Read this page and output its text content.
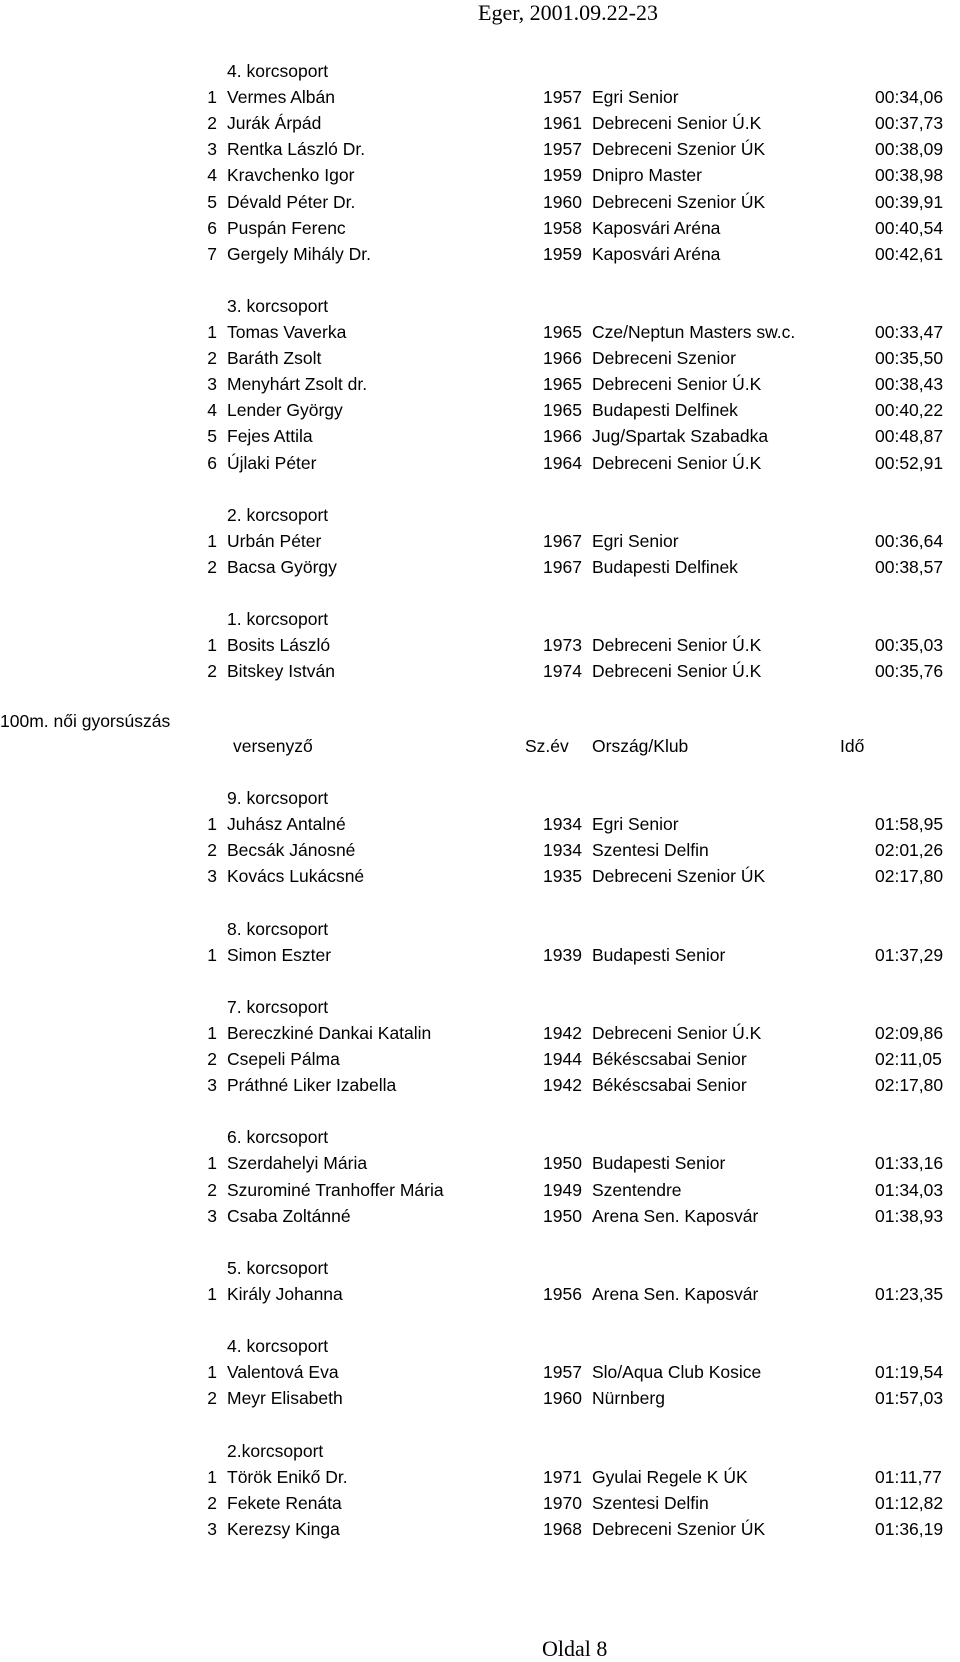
Eger, 2001.09.22-23
100m. női gyorsúszás
4. korcsoport
1 Vermes Albán	1957 Egri Senior	00:34,06
2 Jurák Árpád	1961 Debreceni Senior Ú.K	00:37,73
3 Rentka László Dr.	1957 Debreceni Szenior ÚK	00:38,09
4 Kravchenko Igor	1959 Dnipro Master	00:38,98
5 Dévald Péter Dr.	1960 Debreceni Szenior ÚK	00:39,91
6 Puspán Ferenc	1958 Kaposvári Aréna	00:40,54
7 Gergely Mihály Dr.	1959 Kaposvári Aréna	00:42,61
3. korcsoport
1 Tomas Vaverka	1965 Cze/Neptun Masters sw.c.	00:33,47
2 Baráth Zsolt	1966 Debreceni Szenior	00:35,50
3 Menyhárt Zsolt dr.	1965 Debreceni Senior Ú.K	00:38,43
4 Lender György	1965 Budapesti Delfinek	00:40,22
5 Fejes Attila	1966 Jug/Spartak Szabadka	00:48,87
6 Újlaki Péter	1964 Debreceni Senior Ú.K	00:52,91
2. korcsoport
1 Urbán Péter	1967 Egri Senior	00:36,64
2 Bacsa György	1967 Budapesti Delfinek	00:38,57
1. korcsoport
1 Bosits László	1973 Debreceni Senior Ú.K	00:35,03
2 Bitskey István	1974 Debreceni Senior Ú.K	00:35,76
versenyző	Sz.év Ország/Klub	Idő
9. korcsoport
1 Juhász Antalné	1934 Egri Senior	01:58,95
2 Becsák Jánosné	1934 Szentesi Delfin	02:01,26
3 Kovács Lukácsné	1935 Debreceni Szenior ÚK	02:17,80
8. korcsoport
1 Simon Eszter	1939 Budapesti Senior	01:37,29
7. korcsoport
1 Bereczkiné Dankai Katalin	1942 Debreceni Senior Ú.K	02:09,86
2 Csepeli Pálma	1944 Békéscsabai Senior	02:11,05
3 Práthné Liker Izabella	1942 Békéscsabai Senior	02:17,80
6. korcsoport
1 Szerdahelyi Mária	1950 Budapesti Senior	01:33,16
2 Szurominé Tranhoffer Mária	1949 Szentendre	01:34,03
3 Csaba Zoltánné	1950 Arena Sen. Kaposvár	01:38,93
5. korcsoport
1 Király Johanna	1956 Arena Sen. Kaposvár	01:23,35
4. korcsoport
1 Valentová Eva	1957 Slo/Aqua Club Kosice	01:19,54
2 Meyr Elisabeth	1960 Nürnberg	01:57,03
2.korcsoport
1 Török Enikő Dr.	1971 Gyulai Regele K ÚK	01:11,77
2 Fekete Renáta	1970 Szentesi Delfin	01:12,82
3 Kerezsy Kinga	1968 Debreceni Szenior ÚK	01:36,19
Oldal 8
